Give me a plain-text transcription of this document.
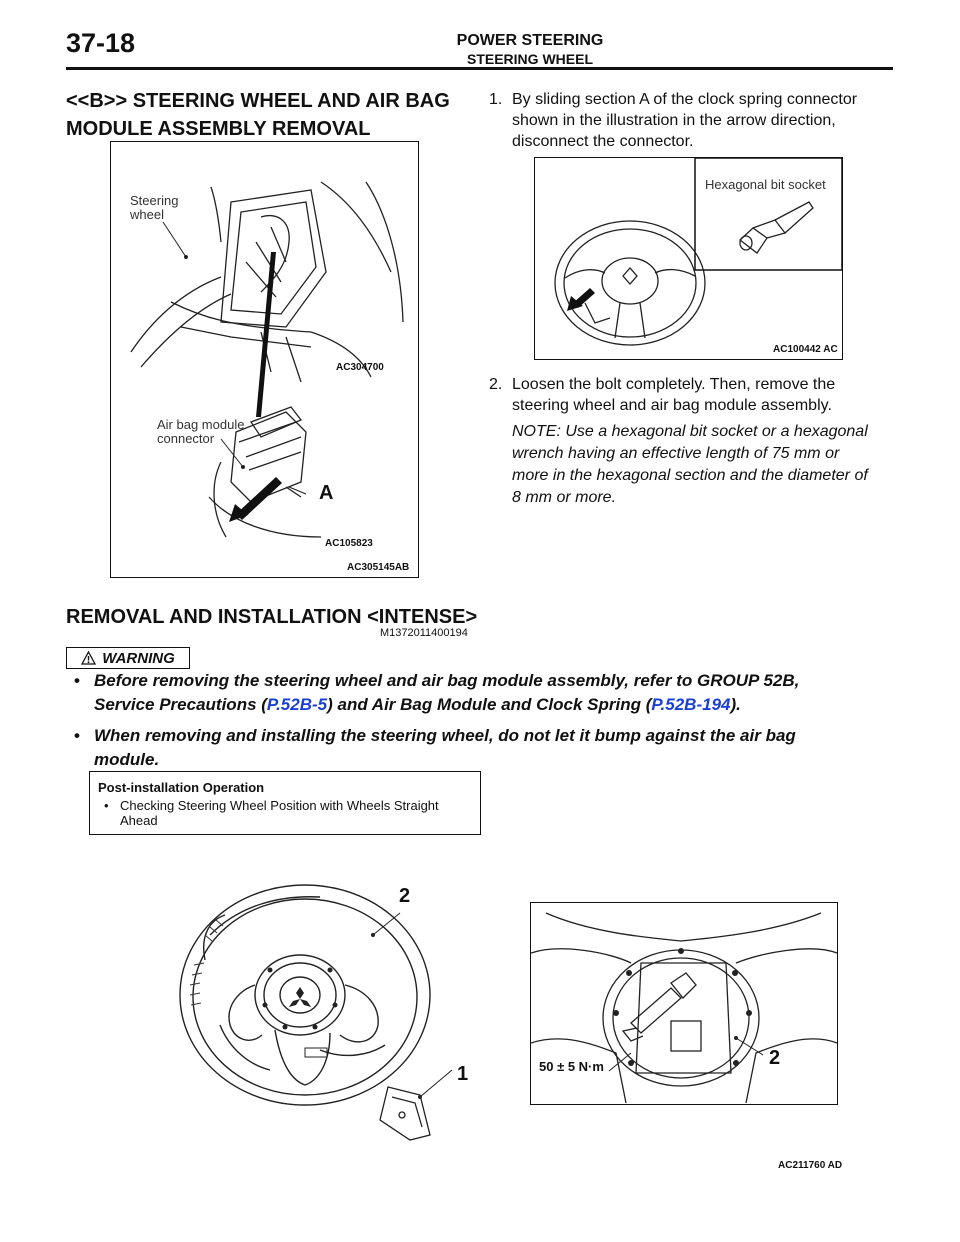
37-18	POWER STEERING
STEERING WHEEL
<<B>> STEERING WHEEL AND AIR BAG
MODULE ASSEMBLY REMOVAL
Steering
wheel
AC304700
Air bag module
connector
A
AC105823
AC305145AB
1. By sliding section A of the clock spring connector
shown in the illustration in the arrow direction,
disconnect the connector.
Hexagonal bit socket
AC100442 AC
2. Loosen the bolt completely. Then, remove the
steering wheel and air bag module assembly.
NOTE: Use a hexagonal bit socket or a hexagonal
wrench having an effective length of 75 mm or
more in the hexagonal section and the diameter of
8 mm or more.
REMOVAL AND INSTALLATION <INTENSE>
M1372011400194
WARNING
• Before removing the steering wheel and air bag module assembly, refer to GROUP 52B,
Service Precautions (P.52B-5) and Air Bag Module and Clock Spring (P.52B-194).
• When removing and installing the steering wheel, do not let it bump against the air bag
module.
Post-installation Operation
• Checking Steering Wheel Position with Wheels Straight
Ahead
2
1	50 ± 5 N·m	2
AC211760 AD
